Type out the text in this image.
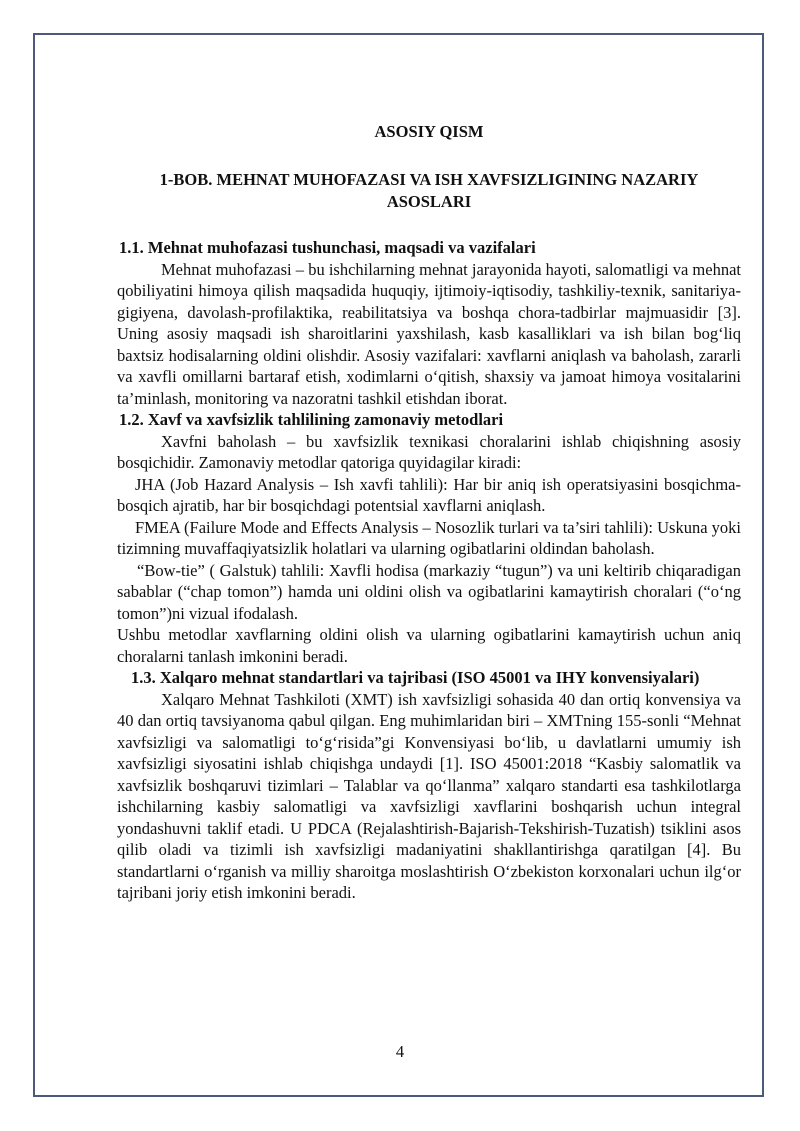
ASOSIY QISM
1-BOB. MEHNAT MUHOFAZASI VA ISH XAVFSIZLIGINING NAZARIY ASOSLARI
1.1. Mehnat muhofazasi tushunchasi, maqsadi va vazifalari

Mehnat muhofazasi – bu ishchilarning mehnat jarayonida hayoti, salomatligi va mehnat qobiliyatini himoya qilish maqsadida huquqiy, ijtimoiy-iqtisodiy, tashkiliy-texnik, sanitariya-gigiyena, davolash-profilaktika, reabilitatsiya va boshqa chora-tadbirlar majmuasidir [3]. Uning asosiy maqsadi ish sharoitlarini yaxshilash, kasb kasalliklari va ish bilan bog‘liq baxtsiz hodisalarning oldini olishdir. Asosiy vazifalari: xavflarni aniqlash va baholash, zararli va xavfli omillarni bartaraf etish, xodimlarni o‘qitish, shaxsiy va jamoat himoya vositalarini ta’minlash, monitoring va nazoratni tashkil etishdan iborat.

1.2. Xavf va xavfsizlik tahlilining zamonaviy metodlari

Xavfni baholash – bu xavfsizlik texnikasi choralarini ishlab chiqishning asosiy bosqichidir. Zamonaviy metodlar qatoriga quyidagilar kiradi:

JHA (Job Hazard Analysis – Ish xavfi tahlili): Har bir aniq ish operatsiyasini bosqichma-bosqich ajratib, har bir bosqichdagi potentsial xavflarni aniqlash.

FMEA (Failure Mode and Effects Analysis – Nosozlik turlari va ta’siri tahlili): Uskuna yoki tizimning muvaffaqiyatsizlik holatlari va ularning ogibatlarini oldindan baholash.

“Bow-tie” ( Galstuk) tahlili: Xavfli hodisa (markaziy “tugun”) va uni keltirib chiqaradigan sabablar (“chap tomon”) hamda uni oldini olish va ogibatlarini kamaytirish choralari (“o‘ng tomon”)ni vizual ifodalash.

Ushbu metodlar xavflarning oldini olish va ularning ogibatlarini kamaytirish uchun aniq choralarni tanlash imkonini beradi.

1.3. Xalqaro mehnat standartlari va tajribasi (ISO 45001 va IHY konvensiyalari)

Xalqaro Mehnat Tashkiloti (XMT) ish xavfsizligi sohasida 40 dan ortiq konvensiya va 40 dan ortiq tavsiyanoma qabul qilgan. Eng muhimlaridan biri – XMTning 155-sonli “Mehnat xavfsizligi va salomatligi to‘g‘risida”gi Konvensiyasi bo‘lib, u davlatlarni umumiy ish xavfsizligi siyosatini ishlab chiqishga undaydi [1]. ISO 45001:2018 “Kasbiy salomatlik va xavfsizlik boshqaruvi tizimlari – Talablar va qo‘llanma” xalqaro standarti esa tashkilotlarga ishchilarning kasbiy salomatligi va xavfsizligi xavflarini boshqarish uchun integral yondashuvni taklif etadi. U PDCA (Rejalashtirish-Bajarish-Tekshirish-Tuzatish) tsiklini asos qilib oladi va tizimli ish xavfsizligi madaniyatini shakllantirishga qaratilgan [4]. Bu standartlarni o‘rganish va milliy sharoitga moslashtirish O‘zbekiston korxonalari uchun ilg‘or tajribani joriy etish imkonini beradi.

4
